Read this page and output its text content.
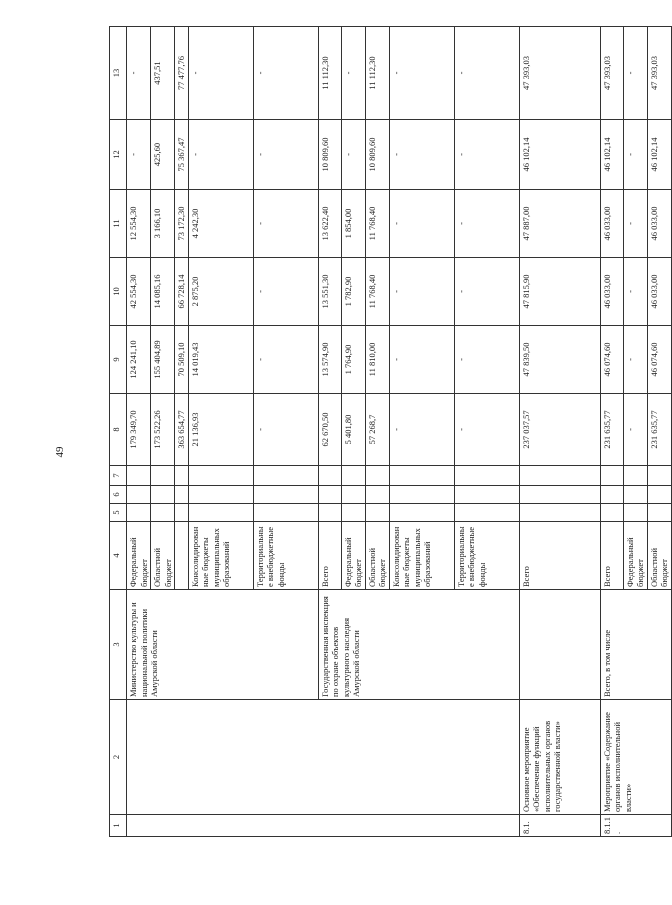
49
1	2	3	4	5	6	7	8	9	10	11	12	13
		Министерство культуры и национальной политики Амурской области	Федеральный бюджет				179 349,70	124 241,10	42 554,30	12 554,30	-	-
			Областной бюджет				173 522,26	155 404,89	14 085,16	3 166,10	425,60	437,51
							363 654,77	70 509,10	66 728,14	73 172,30	75 367,47	77 477,76
			Консолидированные бюджеты муниципальных образований				21 136,93	14 019,43	2 875,20	4 242,30	-	-
			Территориальные внебюджетные фонды				-	-	-	-	-	-
		Государственная инспекция по охране объектов культурного наследия Амурской области	Всего				62 670,50	13 574,90	13 551,30	13 622,40	10 809,60	11 112,30
			Федеральный бюджет				5 401,80	1 764,90	1 782,90	1 854,00	-	-
			Областной бюджет				57 268,7	11 810,00	11 768,40	11 768,40	10 809,60	11 112,30
			Консолидированные бюджеты муниципальных образований				-	-	-	-	-	-
			Территориальные внебюджетные фонды				-	-	-	-	-	-
8.1.	Основное мероприятие «Обеспечение функций исполнительных органов государственной власти»		Всего				237 037,57	47 839,50	47 815,90	47 887,00	46 102,14	47 393,03
8.1.1.	Мероприятие «Содержание органов исполнительной власти»	Всего, в том числе	Всего				231 635,77	46 074,60	46 033,00	46 033,00	46 102,14	47 393,03
			Федеральный бюджет				-	-	-	-	-	-
			Областной бюджет				231 635,77	46 074,60	46 033,00	46 033,00	46 102,14	47 393,03
